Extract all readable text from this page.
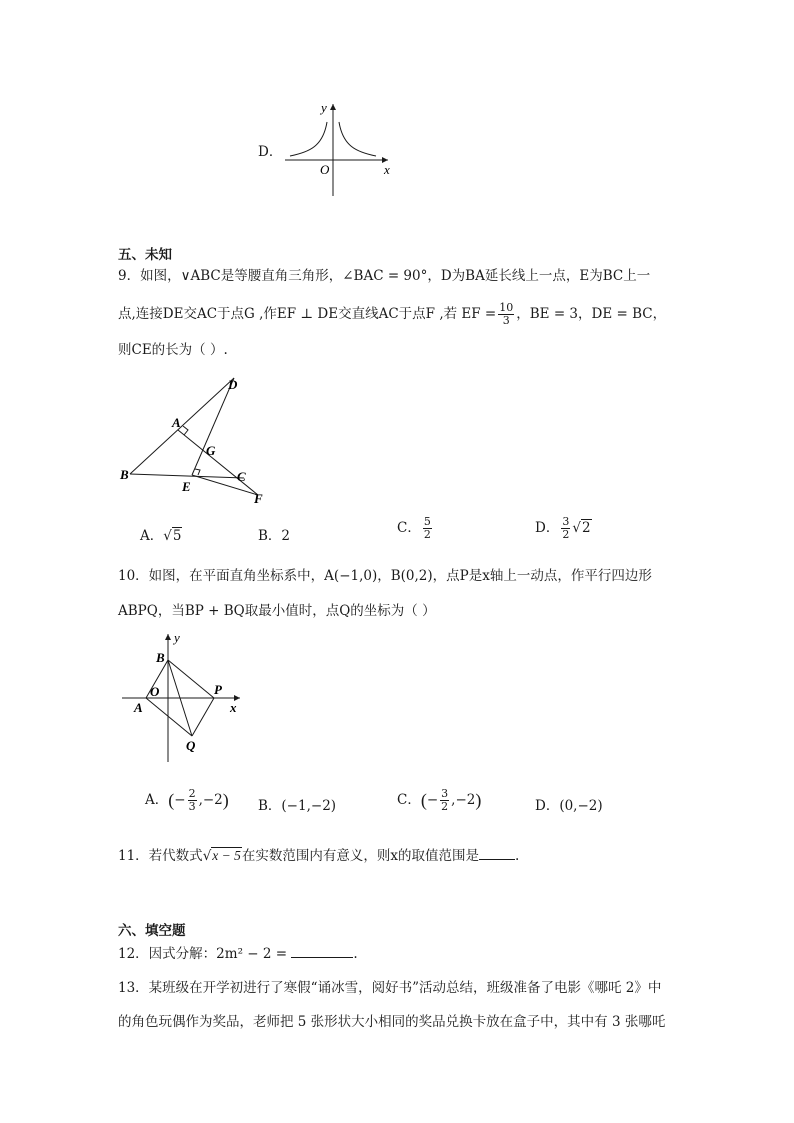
D．
y
x
O
五、未知
9．如图，∨ABC是等腰直角三角形，∠BAC = 90°，D为BA延长线上一点，E为BC上一
点,连接DE交AC于点G ,作EF ⊥ DE交直线AC于点F ,若 EF = $\frac{10}{3}$ ，BE = 3，DE = BC，
则CE的长为（ ）.
D
A
G
B	C
E
F
A．√5	B．2	C． $\frac{5}{2}$	D． $\frac{3}{2} √2$
10．如图，在平面直角坐标系中，A(−1,0)，B(0,2)，点P是x轴上一动点，作平行四边形
ABPQ，当BP + BQ取最小值时，点Q的坐标为（ ）
y
B
O	P
A	x
Q
A．(− $\frac{2}{3} ,-2$) B．(−1,−2)	C．(− $\frac{3}{2} ,-2$)	D．(0,−2)
11．若代数式√x − 5在实数范围内有意义，则x的取值范围是	.
六、填空题
12．因式分解：2m² − 2 =	.
13．某班级在开学初进行了寒假“诵冰雪，阅好书”活动总结，班级准备了电影《哪吒 2》中
的角色玩偶作为奖品，老师把 5 张形状大小相同的奖品兑换卡放在盒子中，其中有 3 张哪吒
